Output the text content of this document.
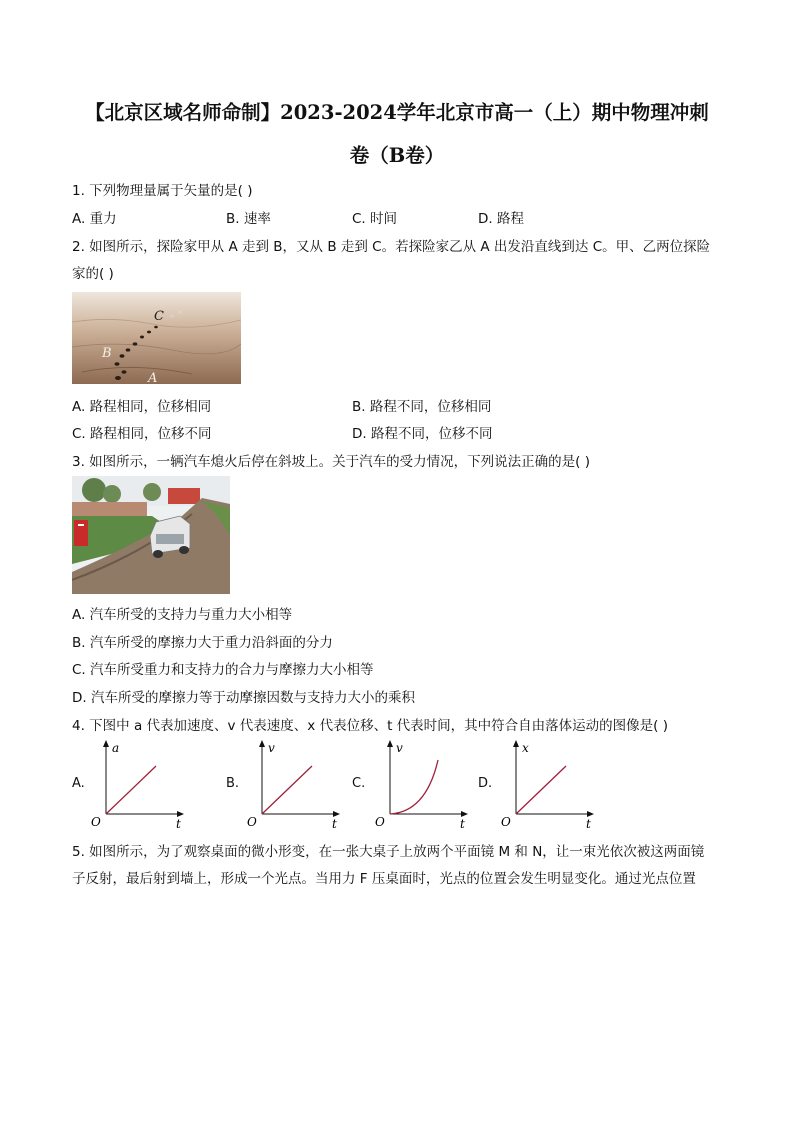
【北京区域名师命制】2023-2024学年北京市高一（上）期中物理冲刺
卷（B卷）
1. 下列物理量属于矢量的是( )
A. 重力	B. 速率	C. 时间	D. 路程
2. 如图所示，探险家甲从 A 走到 B，又从 B 走到 C。若探险家乙从 A 出发沿直线到达 C。甲、乙两位探险
家的( )
C
B
A
A. 路程相同，位移相同	B. 路程不同，位移相同
C. 路程相同，位移不同	D. 路程不同，位移不同
3. 如图所示，一辆汽车熄火后停在斜坡上。关于汽车的受力情况，下列说法正确的是( )
A. 汽车所受的支持力与重力大小相等
B. 汽车所受的摩擦力大于重力沿斜面的分力
C. 汽车所受重力和支持力的合力与摩擦力大小相等
D. 汽车所受的摩擦力等于动摩擦因数与支持力大小的乘积
4. 下图中 a 代表加速度、v 代表速度、x 代表位移、t 代表时间，其中符合自由落体运动的图像是( )
A.
a
t
O
B.
v
t
O
C.
v
t
O
D.
x
t
O
5. 如图所示，为了观察桌面的微小形变，在一张大桌子上放两个平面镜 M 和 N，让一束光依次被这两面镜
子反射，最后射到墙上，形成一个光点。当用力 F 压桌面时，光点的位置会发生明显变化。通过光点位置
